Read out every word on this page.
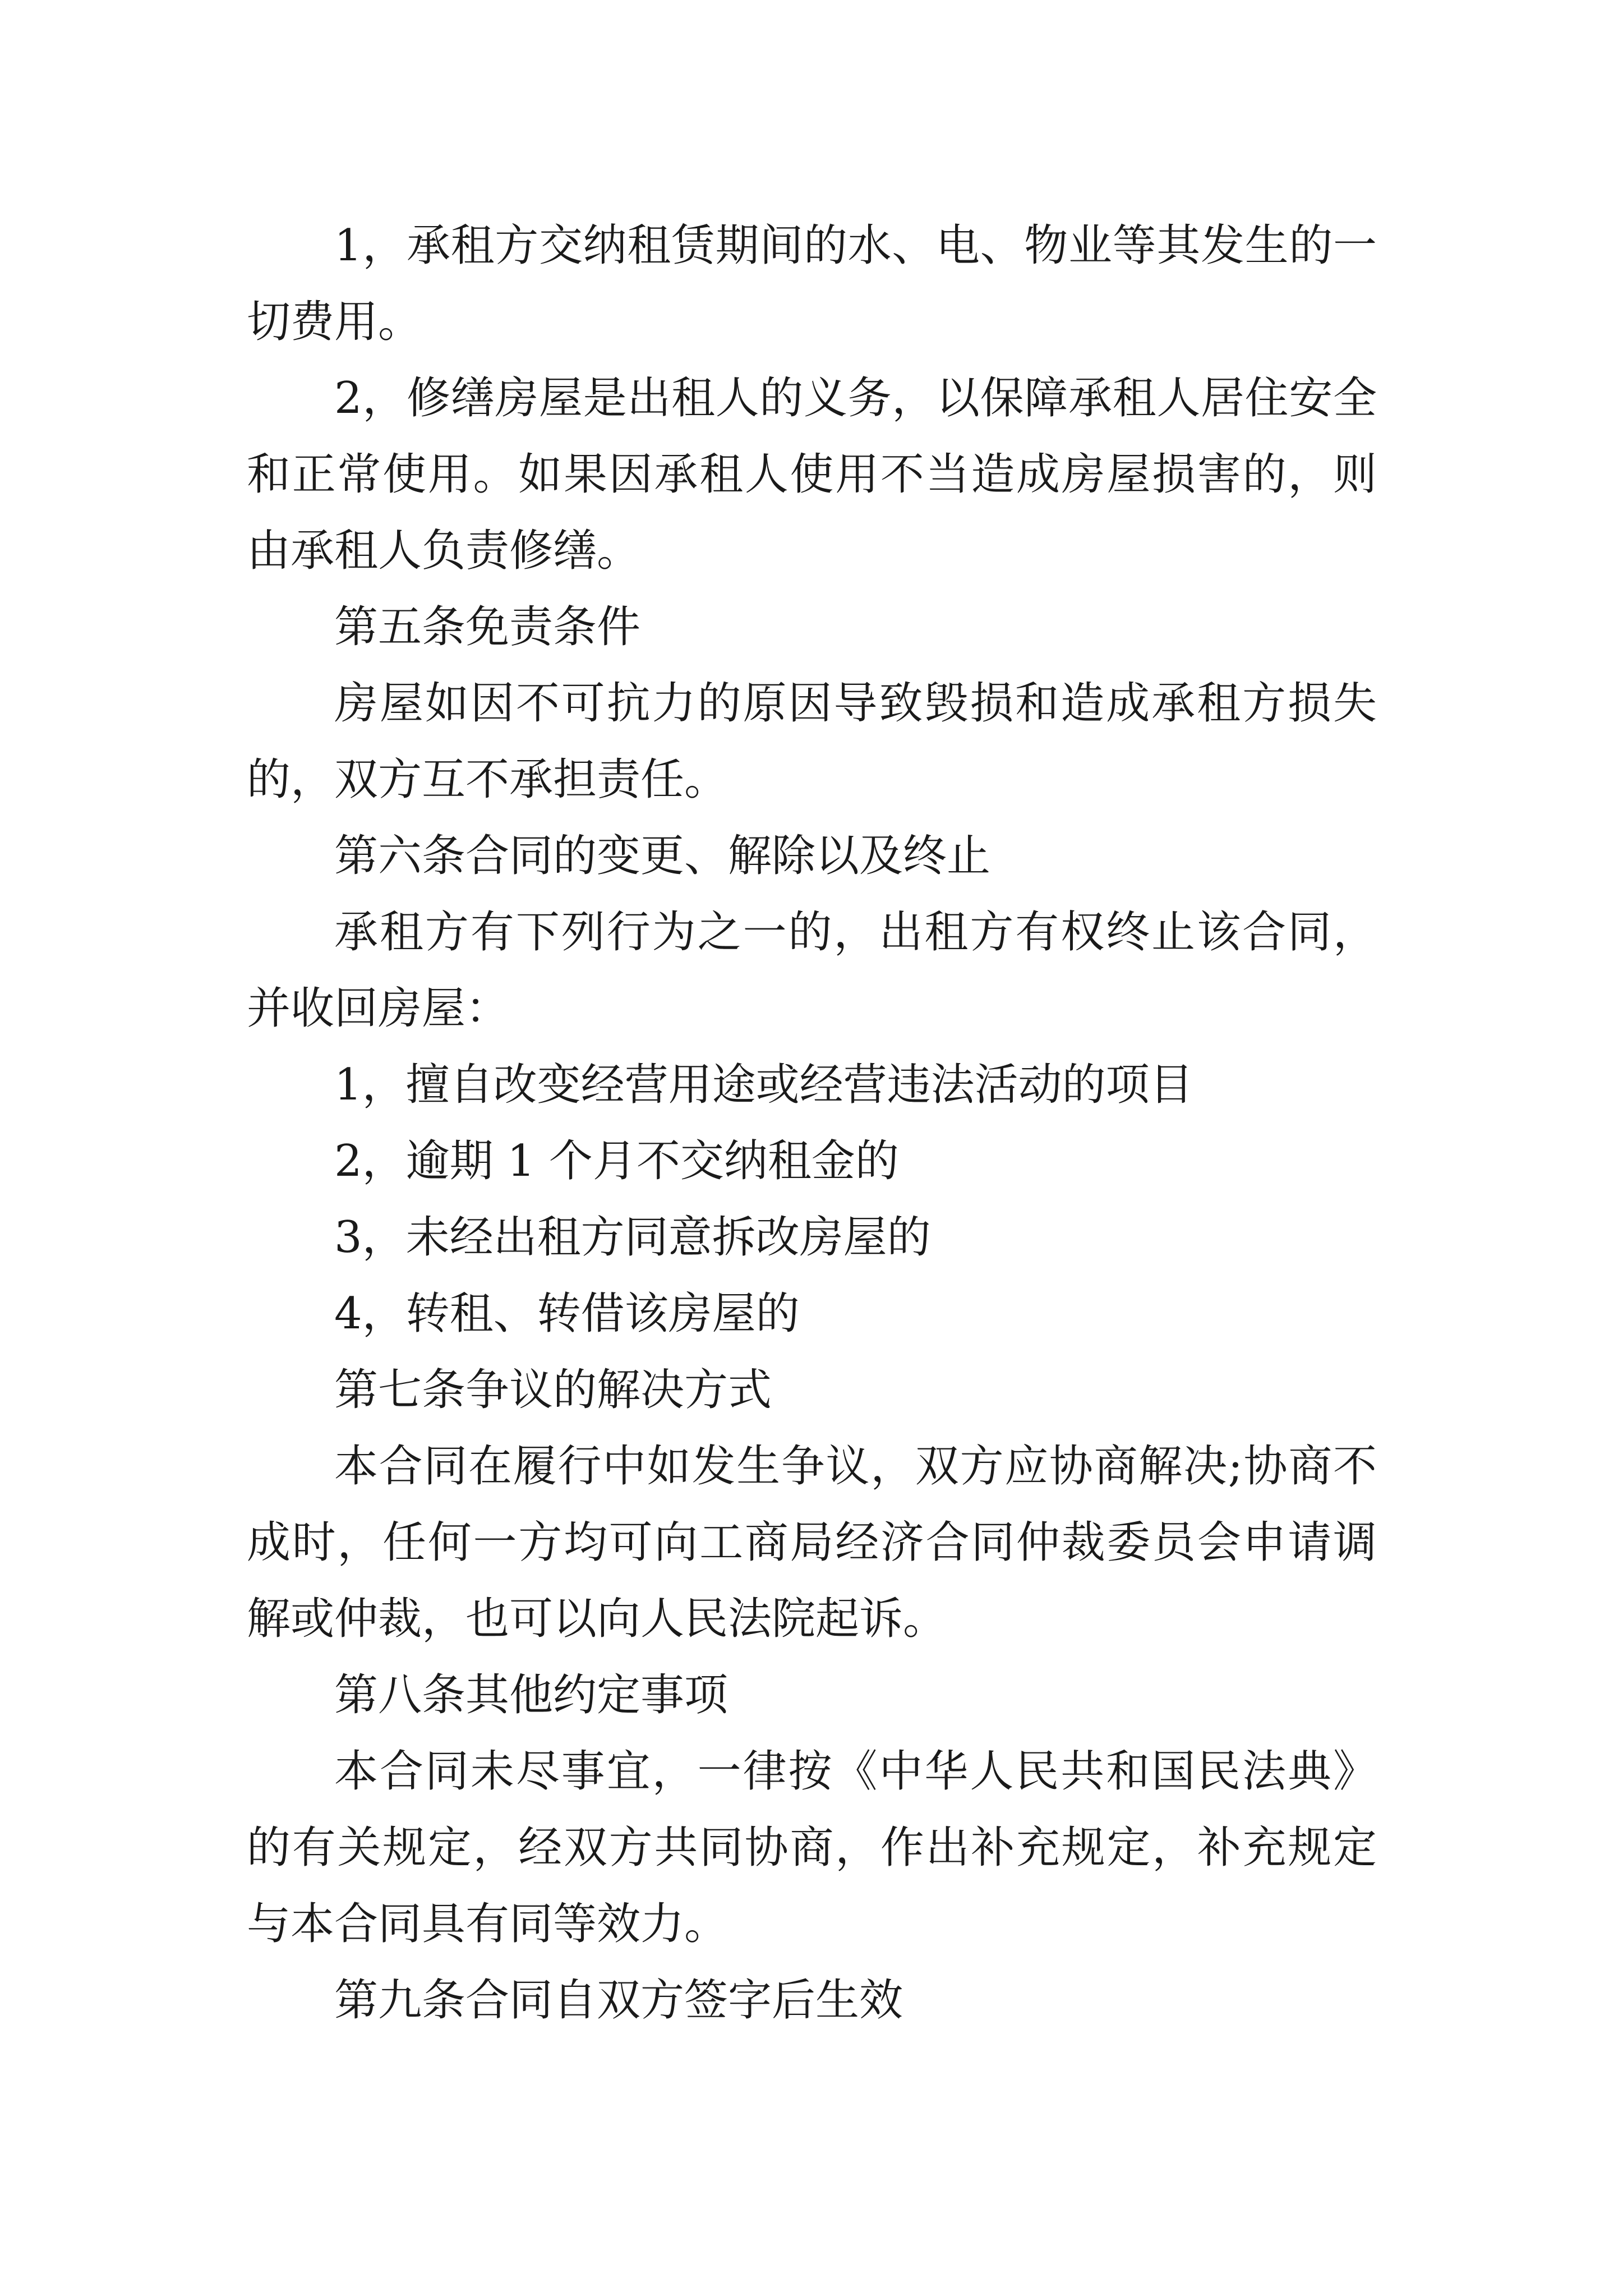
1，承租方交纳租赁期间的水、电、物业等其发生的一切费用。

2，修缮房屋是出租人的义务，以保障承租人居住安全和正常使用。如果因承租人使用不当造成房屋损害的，则由承租人负责修缮。

第五条免责条件

房屋如因不可抗力的原因导致毁损和造成承租方损失的，双方互不承担责任。

第六条合同的变更、解除以及终止

承租方有下列行为之一的，出租方有权终止该合同，并收回房屋：

1，擅自改变经营用途或经营违法活动的项目

2，逾期 1 个月不交纳租金的

3，未经出租方同意拆改房屋的

4，转租、转借该房屋的

第七条争议的解决方式

本合同在履行中如发生争议，双方应协商解决;协商不成时，任何一方均可向工商局经济合同仲裁委员会申请调解或仲裁，也可以向人民法院起诉。

第八条其他约定事项

本合同未尽事宜，一律按《中华人民共和国民法典》的有关规定，经双方共同协商，作出补充规定，补充规定与本合同具有同等效力。

第九条合同自双方签字后生效
